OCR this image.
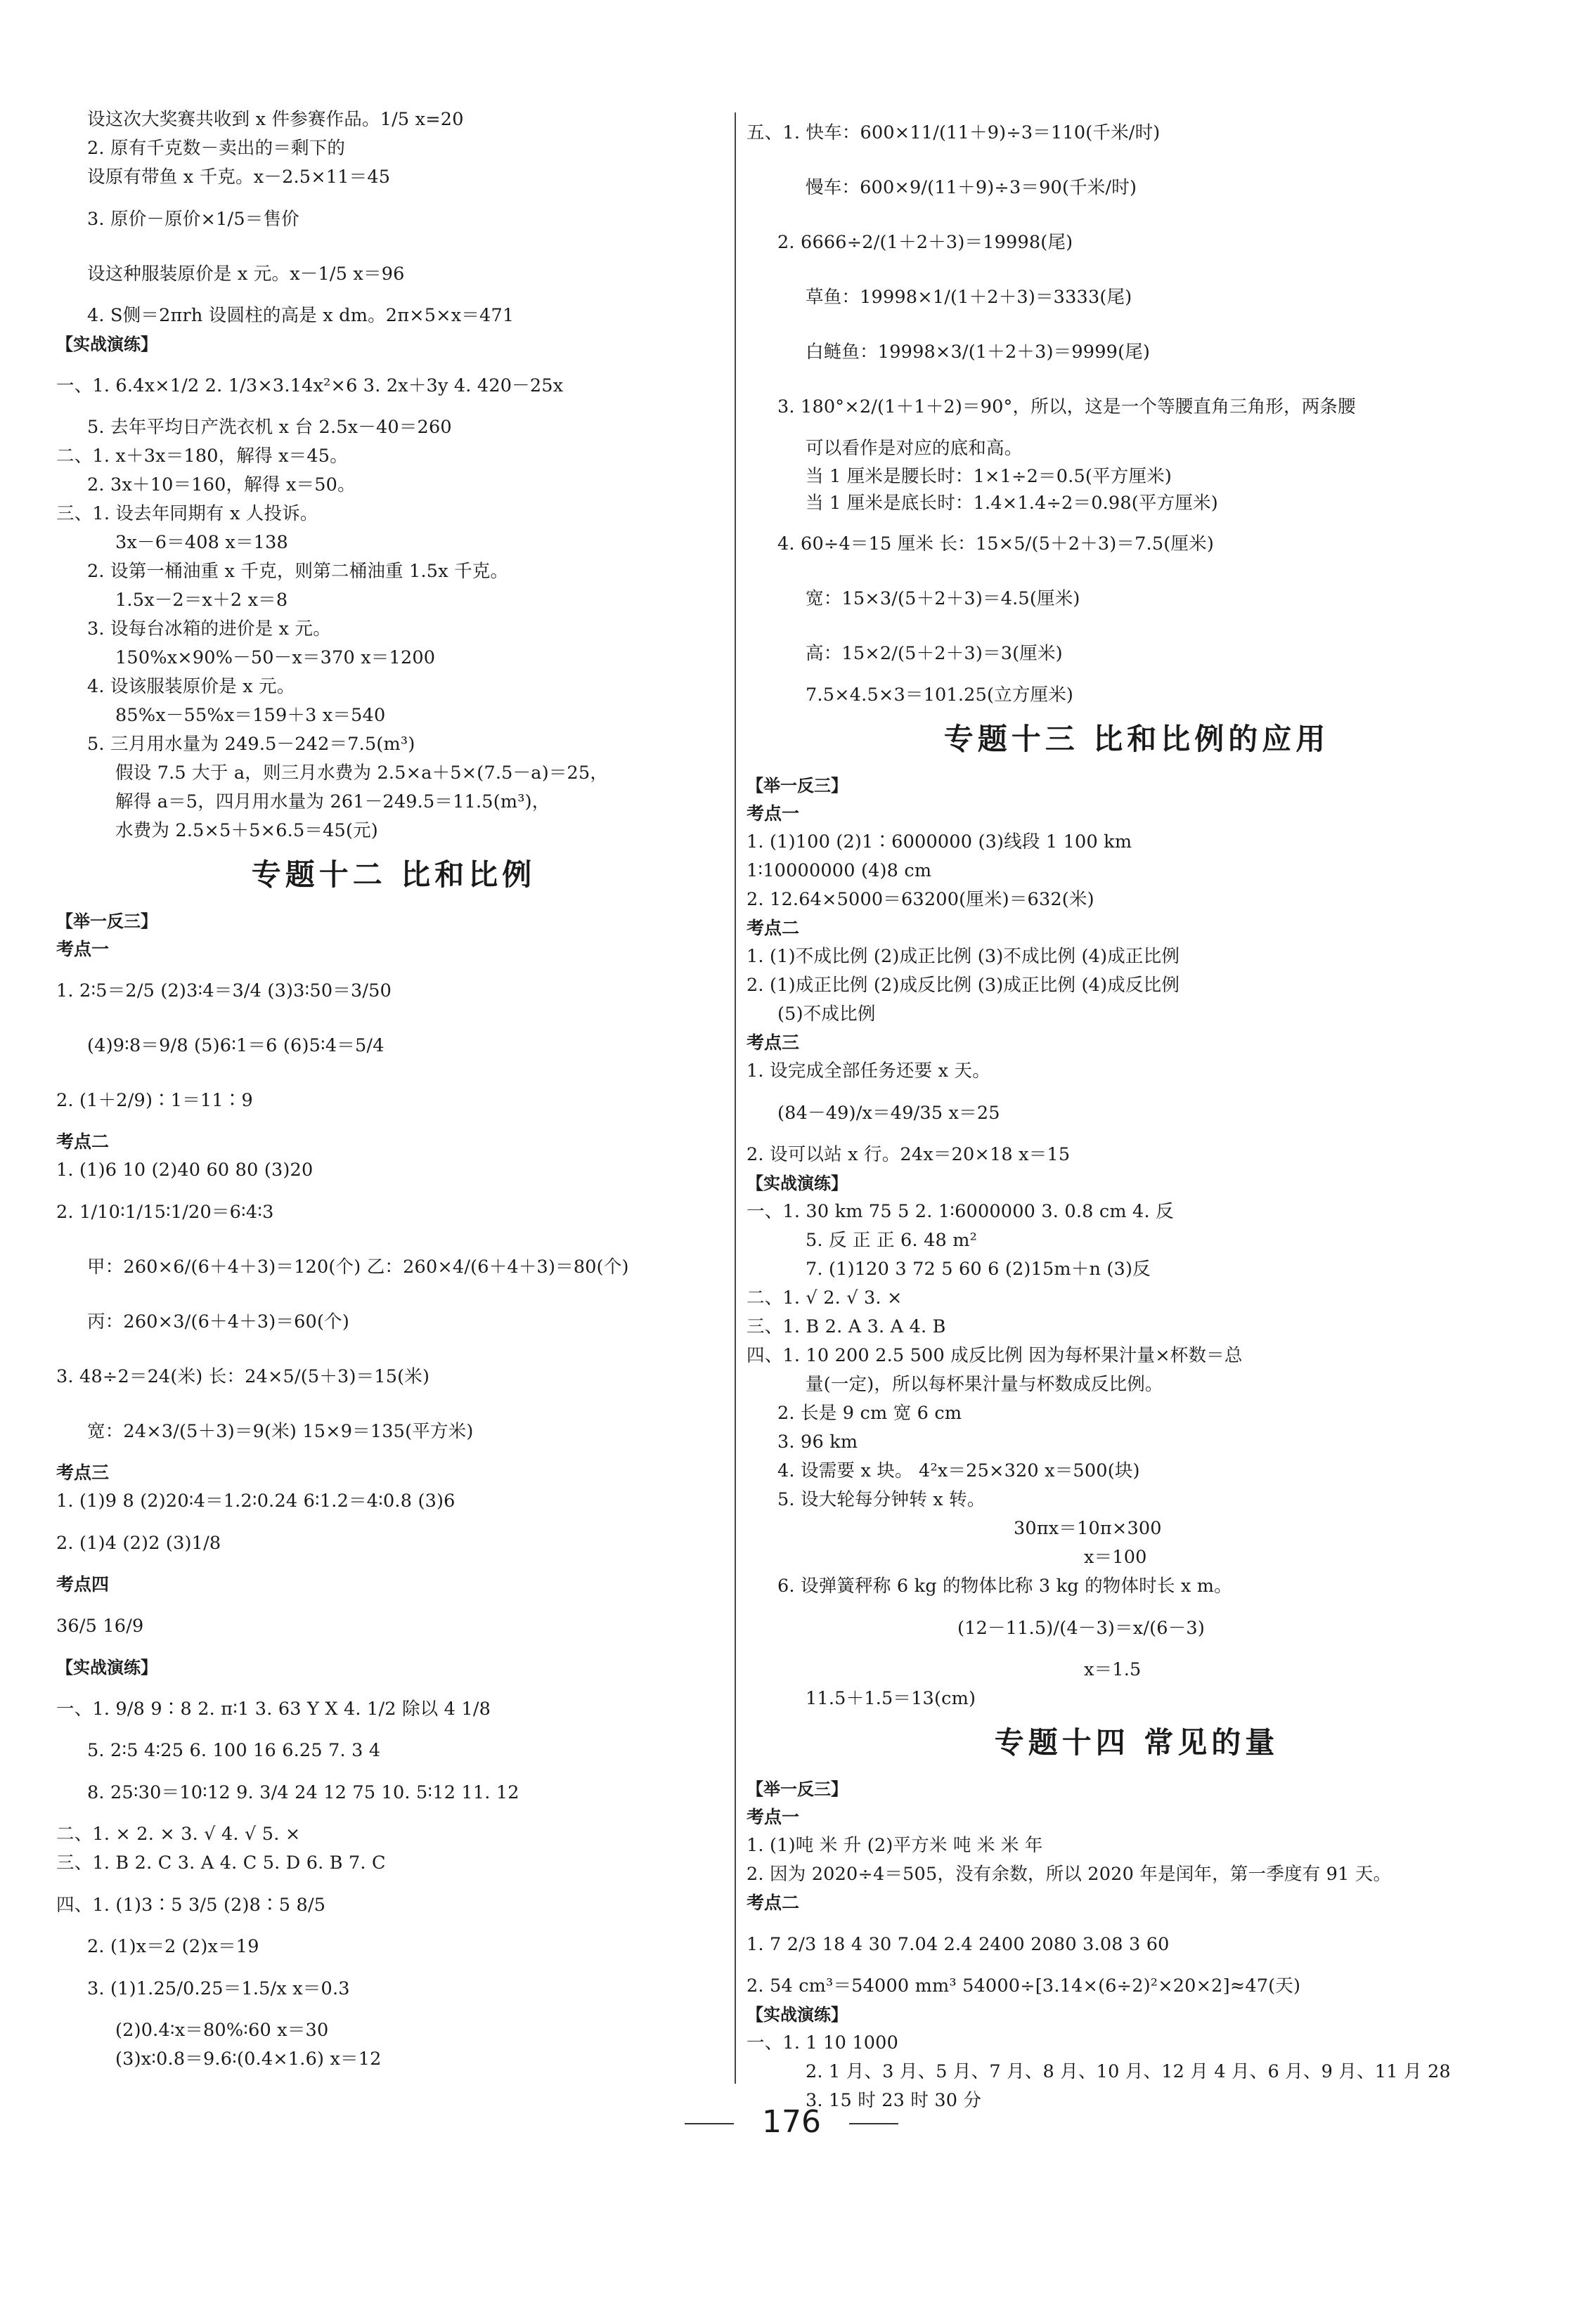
设这次大奖赛共收到 x 件参赛作品。1/5 x=20
2. 原有千克数－卖出的＝剩下的
设原有带鱼 x 千克。x－2.5×11＝45
3. 原价－原价×1/5＝售价
设这种服装原价是 x 元。x－1/5 x＝96
4. S侧＝2πrh 设圆柱的高是 x dm。2π×5×x＝471
【实战演练】
一、1. 6.4x×1/2 2. 1/3×3.14x²×6 3. 2x＋3y 4. 420－25x
5. 去年平均日产洗衣机 x 台 2.5x－40＝260
二、1. x＋3x＝180，解得 x＝45。
2. 3x＋10＝160，解得 x＝50。
三、1. 设去年同期有 x 人投诉。
3x－6＝408 x＝138
2. 设第一桶油重 x 千克，则第二桶油重 1.5x 千克。
1.5x－2＝x＋2 x＝8
3. 设每台冰箱的进价是 x 元。
150%x×90%－50－x＝370 x＝1200
4. 设该服装原价是 x 元。
85%x－55%x＝159＋3 x＝540
5. 三月用水量为 249.5－242＝7.5(m³)
假设 7.5 大于 a，则三月水费为 2.5×a＋5×(7.5－a)＝25，
解得 a＝5，四月用水量为 261－249.5＝11.5(m³)，
水费为 2.5×5＋5×6.5＝45(元)
专题十二 比和比例
【举一反三】
考点一
1. 2∶5＝2/5 (2)3∶4＝3/4 (3)3∶50＝3/50
(4)9∶8＝9/8 (5)6∶1＝6 (6)5∶4＝5/4
2. (1＋2/9)∶1＝11∶9
考点二
1. (1)6 10 (2)40 60 80 (3)20
2. 1/10∶1/15∶1/20＝6∶4∶3
甲：260×6/(6＋4＋3)＝120(个) 乙：260×4/(6＋4＋3)＝80(个)
丙：260×3/(6＋4＋3)＝60(个)
3. 48÷2＝24(米) 长：24×5/(5＋3)＝15(米)
宽：24×3/(5＋3)＝9(米) 15×9＝135(平方米)
考点三
1. (1)9 8 (2)20∶4＝1.2∶0.24 6∶1.2＝4∶0.8 (3)6
2. (1)4 (2)2 (3)1/8
考点四
36/5 16/9
【实战演练】
一、1. 9/8 9∶8 2. π∶1 3. 63 Y X 4. 1/2 除以 4 1/8
5. 2∶5 4∶25 6. 100 16 6.25 7. 3 4
8. 25∶30＝10∶12 9. 3/4 24 12 75 10. 5∶12 11. 12
二、1. × 2. × 3. √ 4. √ 5. ×
三、1. B 2. C 3. A 4. C 5. D 6. B 7. C
四、1. (1)3∶5 3/5 (2)8∶5 8/5
2. (1)x＝2 (2)x＝19
3. (1)1.25/0.25＝1.5/x x＝0.3
(2)0.4∶x＝80%∶60 x＝30
(3)x∶0.8＝9.6∶(0.4×1.6) x＝12
五、1. 快车：600×11/(11＋9)÷3＝110(千米/时)
慢车：600×9/(11＋9)÷3＝90(千米/时)
2. 6666÷2/(1＋2＋3)＝19998(尾)
草鱼：19998×1/(1＋2＋3)＝3333(尾)
白鲢鱼：19998×3/(1＋2＋3)＝9999(尾)
3. 180°×2/(1＋1＋2)＝90°，所以，这是一个等腰直角三角形，两条腰
可以看作是对应的底和高。
当 1 厘米是腰长时：1×1÷2＝0.5(平方厘米)
当 1 厘米是底长时：1.4×1.4÷2＝0.98(平方厘米)
4. 60÷4＝15 厘米 长：15×5/(5＋2＋3)＝7.5(厘米)
宽：15×3/(5＋2＋3)＝4.5(厘米)
高：15×2/(5＋2＋3)＝3(厘米)
7.5×4.5×3＝101.25(立方厘米)
专题十三 比和比例的应用
【举一反三】
考点一
1. (1)100 (2)1∶6000000 (3)线段 1 100 km
1∶10000000 (4)8 cm
2. 12.64×5000＝63200(厘米)＝632(米)
考点二
1. (1)不成比例 (2)成正比例 (3)不成比例 (4)成正比例
2. (1)成正比例 (2)成反比例 (3)成正比例 (4)成反比例
(5)不成比例
考点三
1. 设完成全部任务还要 x 天。
(84－49)/x＝49/35 x＝25
2. 设可以站 x 行。24x＝20×18 x＝15
【实战演练】
一、1. 30 km 75 5 2. 1∶6000000 3. 0.8 cm 4. 反
5. 反 正 正 6. 48 m²
7. (1)120 3 72 5 60 6 (2)15m＋n (3)反
二、1. √ 2. √ 3. ×
三、1. B 2. A 3. A 4. B
四、1. 10 200 2.5 500 成反比例 因为每杯果汁量×杯数＝总
量(一定)，所以每杯果汁量与杯数成反比例。
2. 长是 9 cm 宽 6 cm
3. 96 km
4. 设需要 x 块。 4²x＝25×320 x＝500(块)
5. 设大轮每分钟转 x 转。
30πx＝10π×300
x＝100
6. 设弹簧秤称 6 kg 的物体比称 3 kg 的物体时长 x m。
(12－11.5)/(4－3)＝x/(6－3)
x＝1.5
11.5＋1.5＝13(cm)
专题十四 常见的量
【举一反三】
考点一
1. (1)吨 米 升 (2)平方米 吨 米 米 年
2. 因为 2020÷4＝505，没有余数，所以 2020 年是闰年，第一季度有 91 天。
考点二
1. 7 2/3 18 4 30 7.04 2.4 2400 2080 3.08 3 60
2. 54 cm³＝54000 mm³ 54000÷[3.14×(6÷2)²×20×2]≈47(天)
【实战演练】
一、1. 1 10 1000
2. 1 月、3 月、5 月、7 月、8 月、10 月、12 月 4 月、6 月、9 月、11 月 28
3. 15 时 23 时 30 分
176
